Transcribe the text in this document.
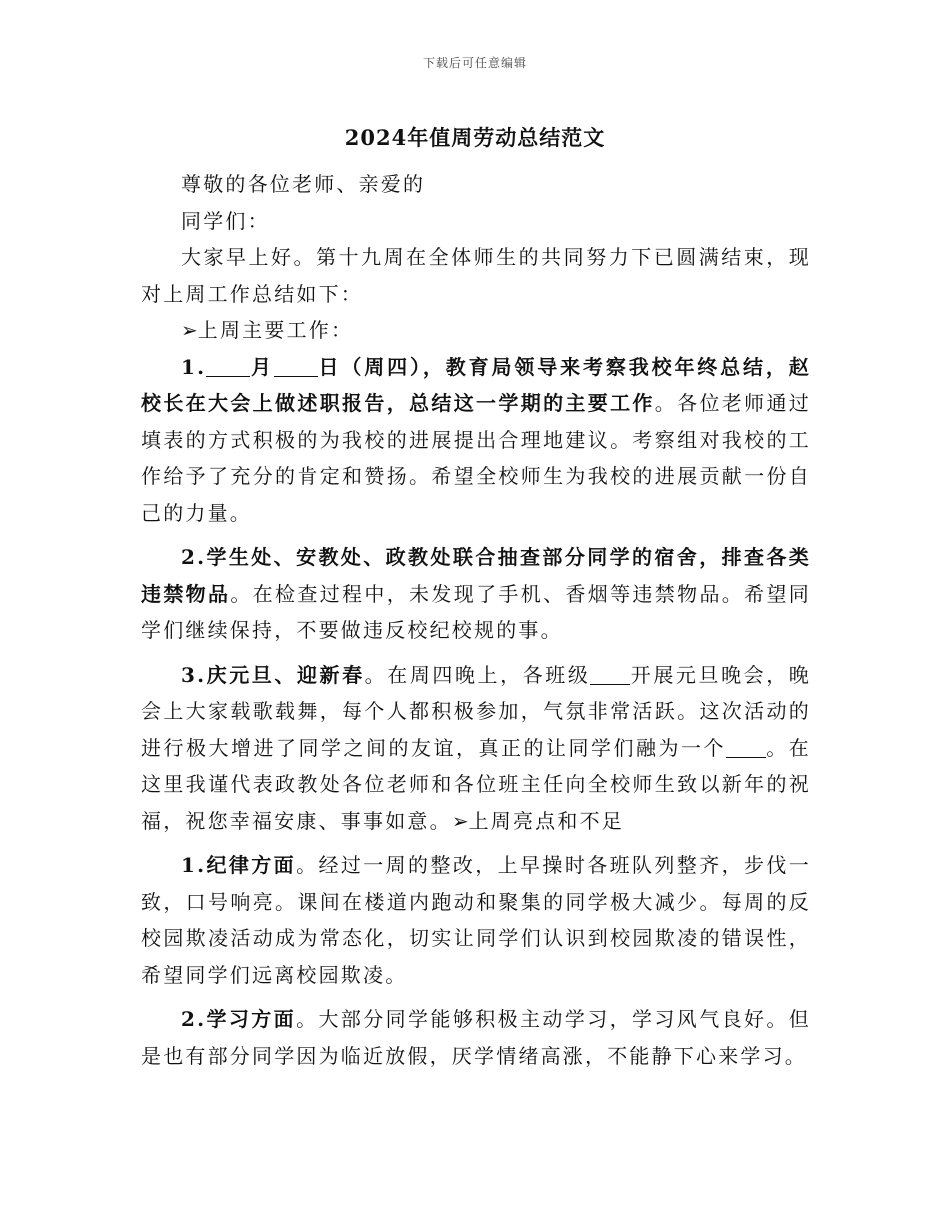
下载后可任意编辑
2024年值周劳动总结范文

尊敬的各位老师、亲爱的

同学们：

大家早上好。第十九周在全体师生的共同努力下已圆满结束，现对上周工作总结如下：

➢上周主要工作：

1. 月 日（周四），教育局领导来考察我校年终总结，赵校长在大会上做述职报告，总结这一学期的主要工作。各位老师通过填表的方式积极的为我校的进展提出合理地建议。考察组对我校的工作给予了充分的肯定和赞扬。希望全校师生为我校的进展贡献一份自己的力量。

2.学生处、安教处、政教处联合抽查部分同学的宿舍，排查各类违禁物品。在检查过程中，未发现了手机、香烟等违禁物品。希望同学们继续保持，不要做违反校纪校规的事。

3.庆元旦、迎新春。在周四晚上，各班级 开展元旦晚会，晚会上大家载歌载舞，每个人都积极参加，气氛非常活跃。这次活动的进行极大增进了同学之间的友谊，真正的让同学们融为一个 。在这里我谨代表政教处各位老师和各位班主任向全校师生致以新年的祝福，祝您幸福安康、事事如意。➢上周亮点和不足

1.纪律方面。经过一周的整改，上早操时各班队列整齐，步伐一致，口号响亮。课间在楼道内跑动和聚集的同学极大减少。每周的反校园欺凌活动成为常态化，切实让同学们认识到校园欺凌的错误性，希望同学们远离校园欺凌。

2.学习方面。大部分同学能够积极主动学习，学习风气良好。但是也有部分同学因为临近放假，厌学情绪高涨，不能静下心来学习。
